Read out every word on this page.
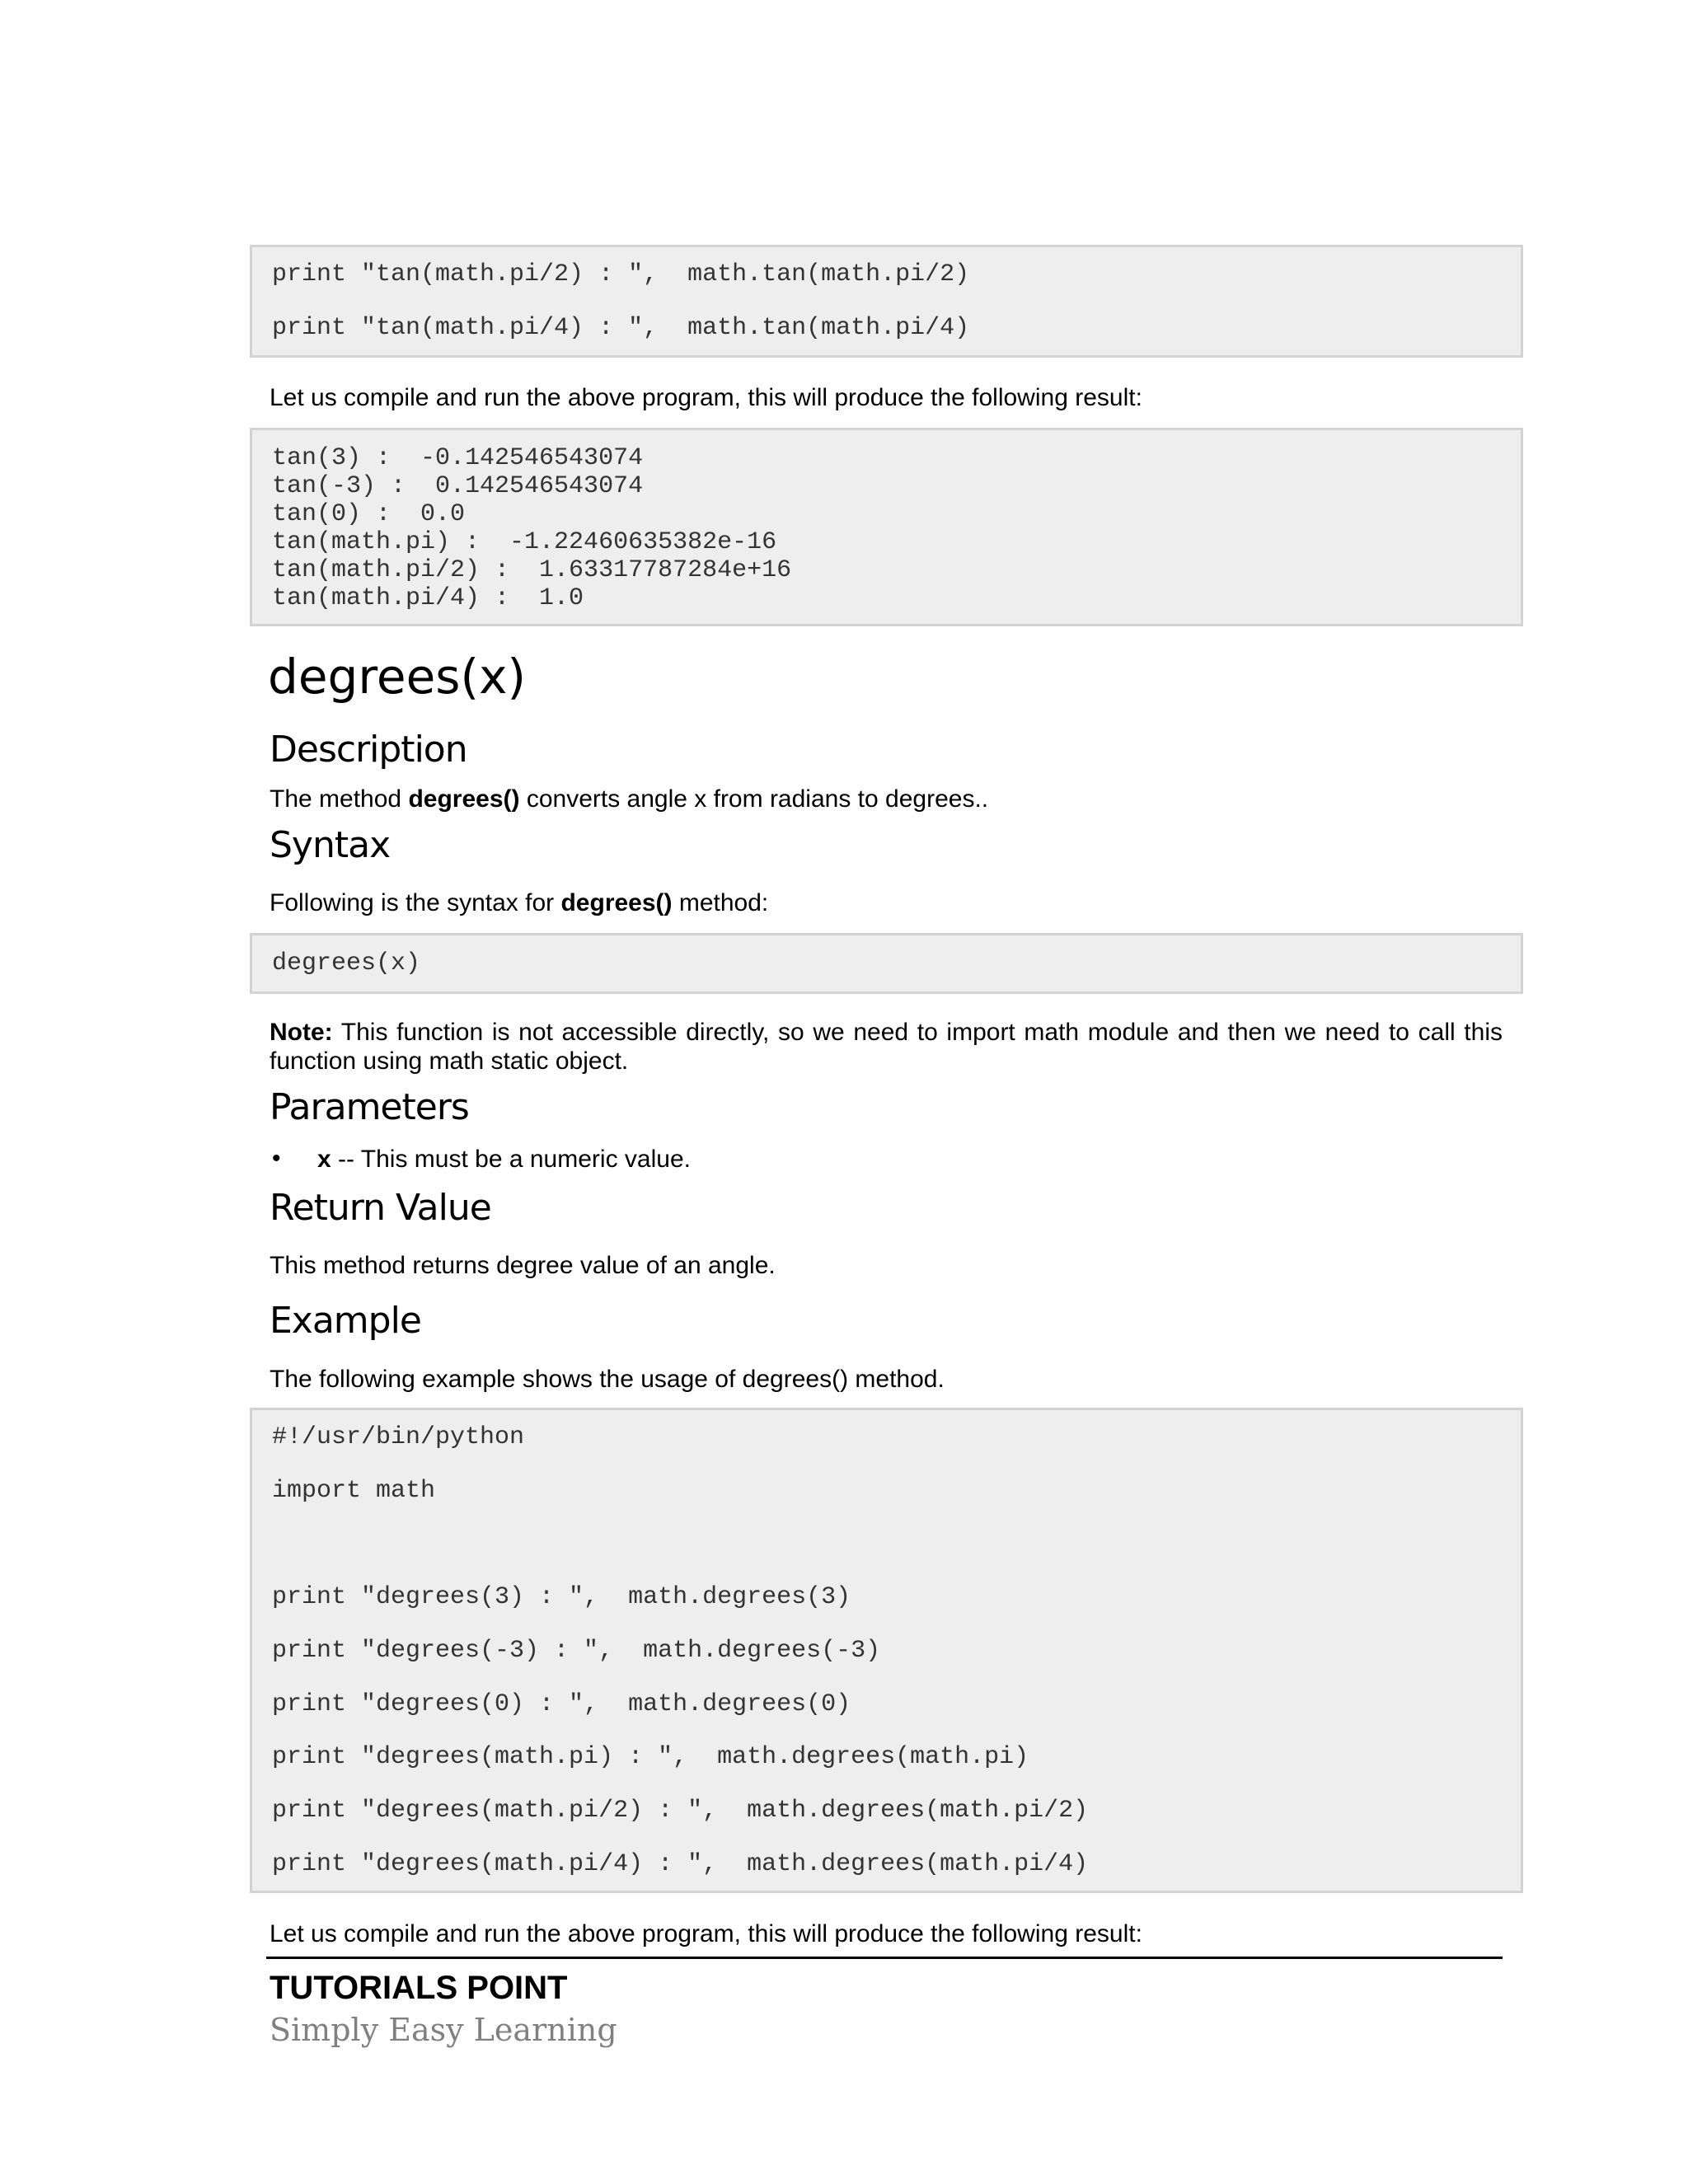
print "tan(math.pi/2) : ",  math.tan(math.pi/2)
print "tan(math.pi/4) : ",  math.tan(math.pi/4)
Let us compile and run the above program, this will produce the following result:
tan(3) :  -0.142546543074
tan(-3) :  0.142546543074
tan(0) :  0.0
tan(math.pi) :  -1.22460635382e-16
tan(math.pi/2) :  1.63317787284e+16
tan(math.pi/4) :  1.0
degrees(x)
Description
The method degrees() converts angle x from radians to degrees..
Syntax
Following is the syntax for degrees() method:
degrees(x)
Note: This function is not accessible directly, so we need to import math module and then we need to call this function using math static object.
Parameters
• x -- This must be a numeric value.
Return Value
This method returns degree value of an angle.
Example
The following example shows the usage of degrees() method.
#!/usr/bin/python
import math
print "degrees(3) : ",  math.degrees(3)
print "degrees(-3) : ",  math.degrees(-3)
print "degrees(0) : ",  math.degrees(0)
print "degrees(math.pi) : ",  math.degrees(math.pi)
print "degrees(math.pi/2) : ",  math.degrees(math.pi/2)
print "degrees(math.pi/4) : ",  math.degrees(math.pi/4)
Let us compile and run the above program, this will produce the following result:
TUTORIALS POINT
Simply Easy Learning
